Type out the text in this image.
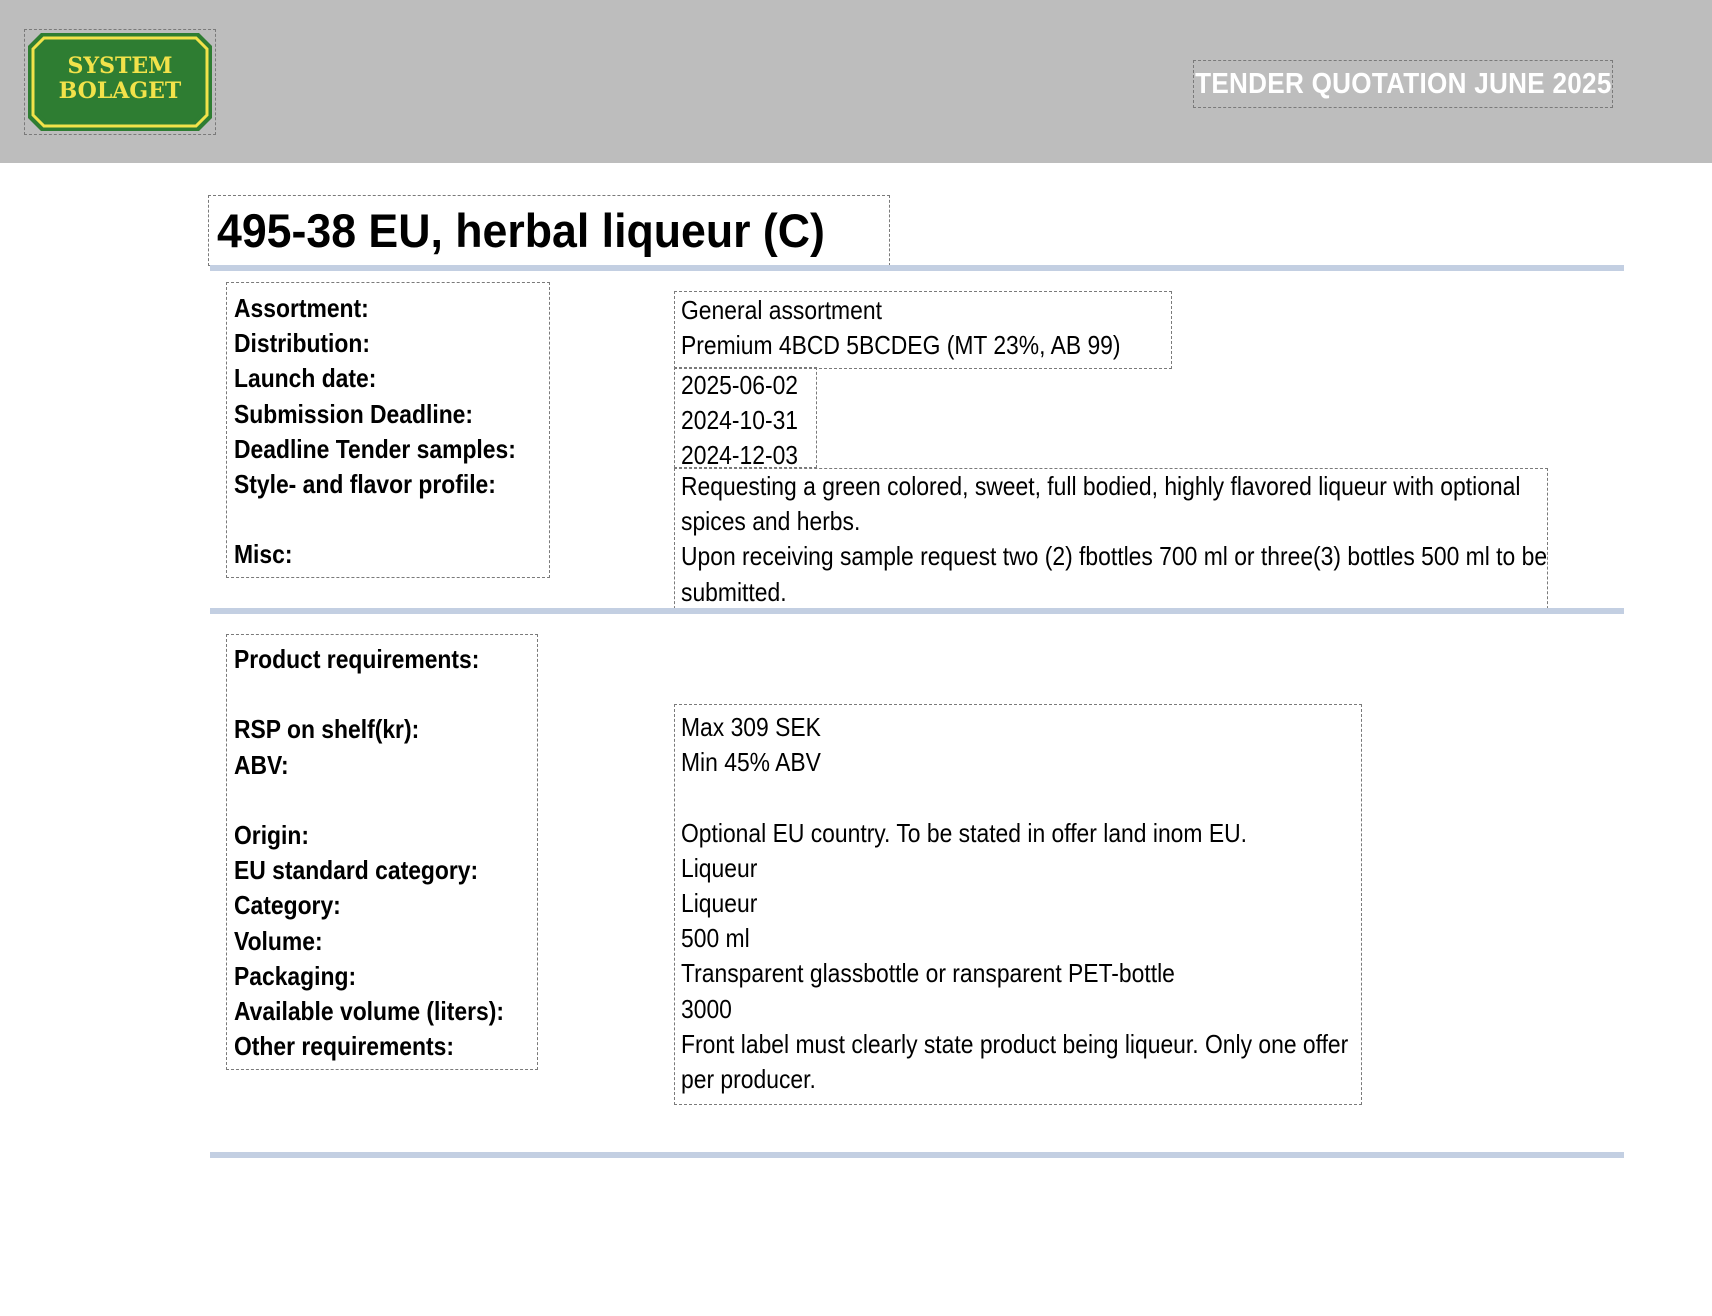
SYSTEM
BOLAGET	TENDER QUOTATION JUNE 2025
495-38 EU, herbal liqueur (C)
Assortment:
Distribution:
Launch date:
Submission Deadline:
Deadline Tender samples:
Style- and flavor profile:
Misc:
General assortment
Premium 4BCD 5BCDEG (MT 23%, AB 99)
2025-06-02
2024-10-31
2024-12-03
Requesting a green colored, sweet, full bodied, highly flavored liqueur with optional spices and herbs.
Upon receiving sample request two (2) fbottles 700 ml or three(3) bottles 500 ml to be submitted.
Product requirements:
RSP on shelf(kr):
ABV:
Origin:
EU standard category:
Category:
Volume:
Packaging:
Available volume (liters):
Other requirements:
Max 309 SEK
Min 45% ABV
Optional EU country. To be stated in offer land inom EU.
Liqueur
Liqueur
500 ml
Transparent glassbottle or ransparent PET-bottle
3000
Front label must clearly state product being liqueur. Only one offer per producer.
